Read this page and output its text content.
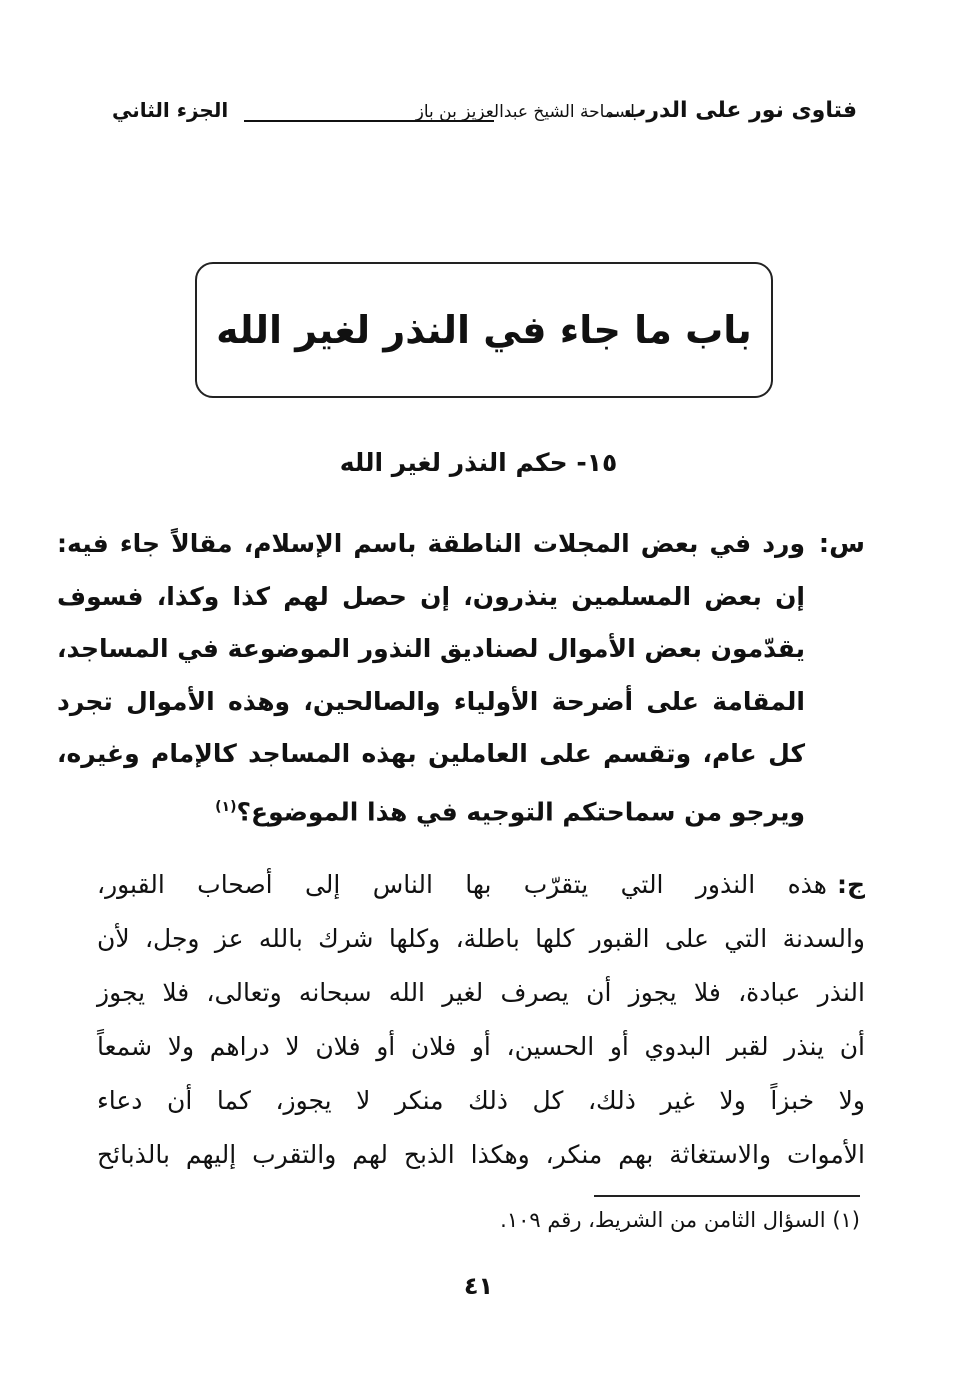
فتاوى نور على الدرب ـ
لسماحة الشيخ عبدالعزيز بن باز
الجزء الثاني
باب ما جاء في النذر لغير الله
١٥- حكم النذر لغير الله
س:
ورد في بعض المجلات الناطقة باسم الإسلام، مقالاً جاء فيه:
إن بعض المسلمين ينذرون، إن حصل لهم كذا وكذا، فسوف
يقدّمون بعض الأموال لصناديق النذور الموضوعة في المساجد،
المقامة على أضرحة الأولياء والصالحين، وهذه الأموال تجرد
كل عام، وتقسم على العاملين بهذه المساجد كالإمام وغيره،
ويرجو من سماحتكم التوجيه في هذا الموضوع؟$^{(١)}$
ج:هذه النذور التي يتقرّب بها الناس إلى أصحاب القبور،
والسدنة التي على القبور كلها باطلة، وكلها شرك بالله عز وجل، لأن
النذر عبادة، فلا يجوز أن يصرف لغير الله سبحانه وتعالى، فلا يجوز
أن ينذر لقبر البدوي أو الحسين، أو فلان أو فلان لا دراهم ولا شمعاً
ولا خبزاً ولا غير ذلك، كل ذلك منكر لا يجوز، كما أن دعاء
الأموات والاستغاثة بهم منكر، وهكذا الذبح لهم والتقرب إليهم بالذبائح
(١) السؤال الثامن من الشريط، رقم ١٠٩.
٤١
